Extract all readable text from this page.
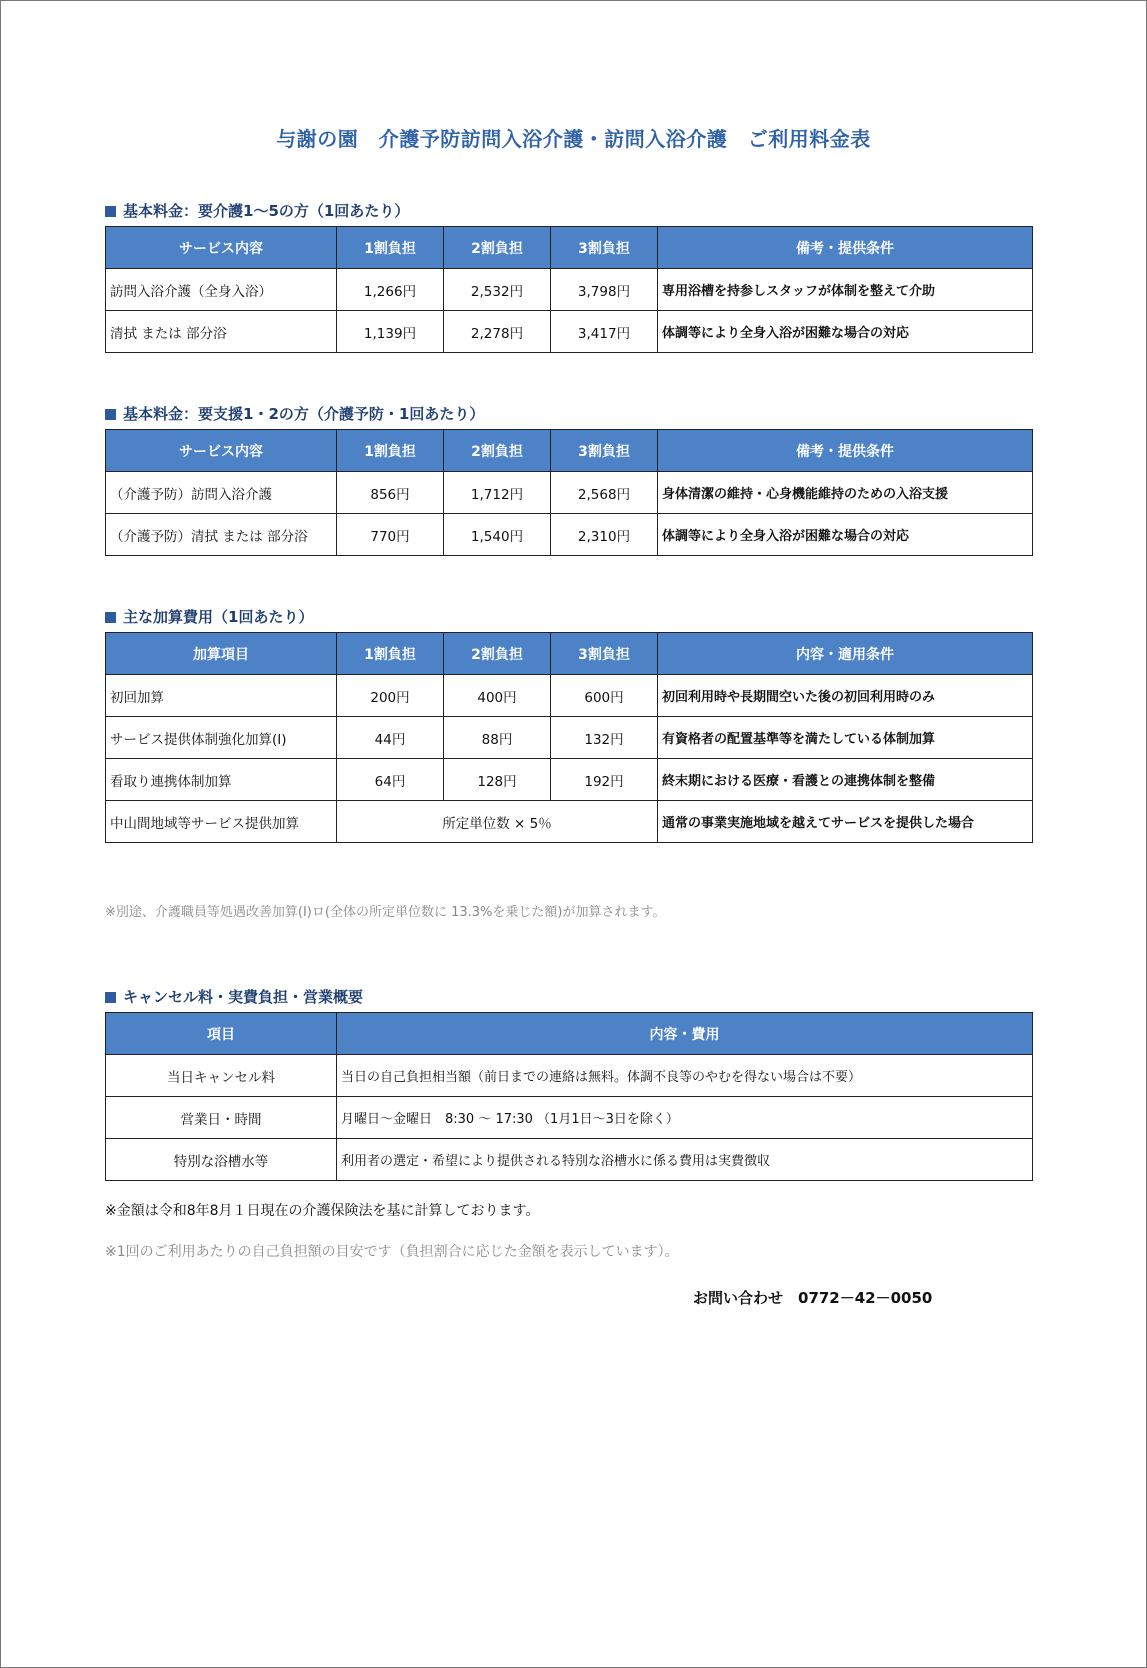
与謝の園　介護予防訪問入浴介護・訪問入浴介護　ご利用料金表
基本料金：要介護1～5の方（1回あたり）
サービス内容	1割負担	2割負担	3割負担	備考・提供条件
訪問入浴介護（全身入浴）	1,266円	2,532円	3,798円	専用浴槽を持参しスタッフが体制を整えて介助
清拭 または 部分浴	1,139円	2,278円	3,417円	体調等により全身入浴が困難な場合の対応
基本料金：要支援1・2の方（介護予防・1回あたり）
サービス内容	1割負担	2割負担	3割負担	備考・提供条件
（介護予防）訪問入浴介護	856円	1,712円	2,568円	身体清潔の維持・心身機能維持のための入浴支援
（介護予防）清拭 または 部分浴	770円	1,540円	2,310円	体調等により全身入浴が困難な場合の対応
主な加算費用（1回あたり）
加算項目	1割負担	2割負担	3割負担	内容・適用条件
初回加算	200円	400円	600円	初回利用時や長期間空いた後の初回利用時のみ
サービス提供体制強化加算(Ⅰ)	44円	88円	132円	有資格者の配置基準等を満たしている体制加算
看取り連携体制加算	64円	128円	192円	終末期における医療・看護との連携体制を整備
中山間地域等サービス提供加算	所定単位数 × 5％			通常の事業実施地域を越えてサービスを提供した場合
※別途、介護職員等処遇改善加算(Ⅰ)ロ(全体の所定単位数に 13.3%を乗じた額)が加算されます。
キャンセル料・実費負担・営業概要
項目	内容・費用
当日キャンセル料	当日の自己負担相当額（前日までの連絡は無料。体調不良等のやむを得ない場合は不要）
営業日・時間	月曜日～金曜日　8:30 ～ 17:30 （1月1日～3日を除く）
特別な浴槽水等	利用者の選定・希望により提供される特別な浴槽水に係る費用は実費徴収
※金額は令和8年8月１日現在の介護保険法を基に計算しております。
※1回のご利用あたりの自己負担額の目安です（負担割合に応じた金額を表示しています）。
お問い合わせ　0772－42－0050
